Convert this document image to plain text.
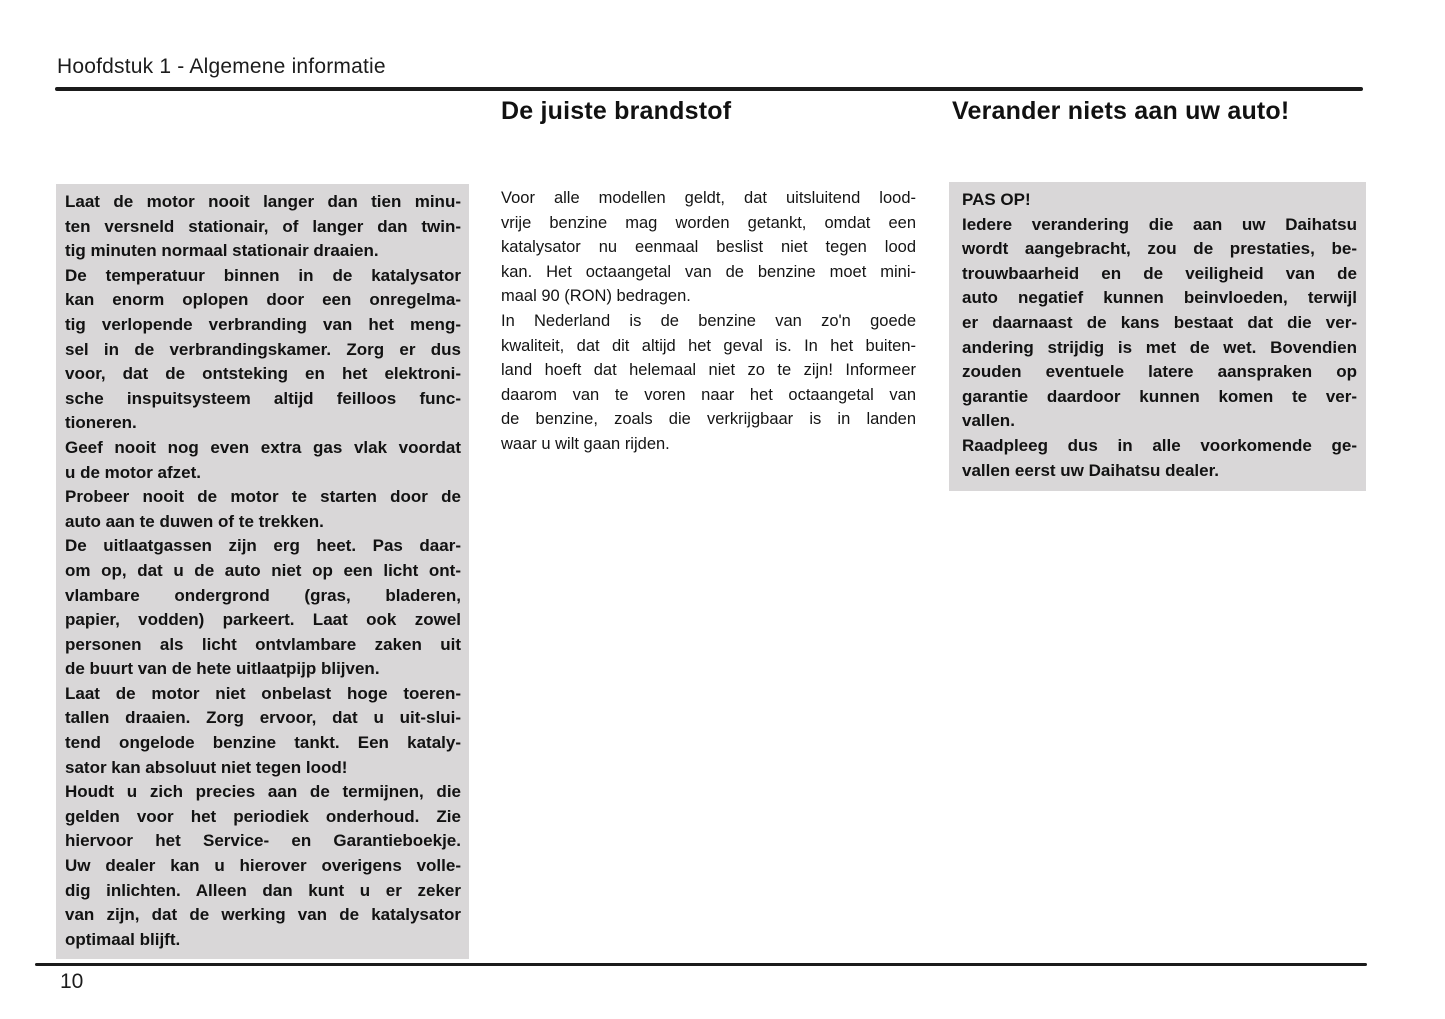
Hoofdstuk 1 - Algemene informatie
De juiste brandstof	Verander niets aan uw auto!
Laat de motor nooit langer dan tien minu-
ten versneld stationair, of langer dan twin-
tig minuten normaal stationair draaien.
De temperatuur binnen in de katalysator
kan enorm oplopen door een onregelma-
tig verlopende verbranding van het meng-
sel in de verbrandingskamer. Zorg er dus
voor, dat de ontsteking en het elektroni-
sche inspuitsysteem altijd feilloos func-
tioneren.
Geef nooit nog even extra gas vlak voordat
u de motor afzet.
Probeer nooit de motor te starten door de
auto aan te duwen of te trekken.
De uitlaatgassen zijn erg heet. Pas daar-
om op, dat u de auto niet op een licht ont-
vlambare ondergrond (gras, bladeren,
papier, vodden) parkeert. Laat ook zowel
personen als licht ontvlambare zaken uit
de buurt van de hete uitlaatpijp blijven.
Laat de motor niet onbelast hoge toeren-
tallen draaien. Zorg ervoor, dat u uit-slui-
tend ongelode benzine tankt. Een kataly-
sator kan absoluut niet tegen lood!
Houdt u zich precies aan de termijnen, die
gelden voor het periodiek onderhoud. Zie
hiervoor het Service- en Garantieboekje.
Uw dealer kan u hierover overigens volle-
dig inlichten. Alleen dan kunt u er zeker
van zijn, dat de werking van de katalysator
optimaal blijft.
Voor alle modellen geldt, dat uitsluitend lood-
vrije benzine mag worden getankt, omdat een
katalysator nu eenmaal beslist niet tegen lood
kan. Het octaangetal van de benzine moet mini-
maal 90 (RON) bedragen.
In Nederland is de benzine van zo'n goede
kwaliteit, dat dit altijd het geval is. In het buiten-
land hoeft dat helemaal niet zo te zijn! Informeer
daarom van te voren naar het octaangetal van
de benzine, zoals die verkrijgbaar is in landen
waar u wilt gaan rijden.
PAS OP!
Iedere verandering die aan uw Daihatsu
wordt aangebracht, zou de prestaties, be-
trouwbaarheid en de veiligheid van de
auto negatief kunnen beinvloeden, terwijl
er daarnaast de kans bestaat dat die ver-
andering strijdig is met de wet. Bovendien
zouden eventuele latere aanspraken op
garantie daardoor kunnen komen te ver-
vallen.
Raadpleeg dus in alle voorkomende ge-
vallen eerst uw Daihatsu dealer.
10
